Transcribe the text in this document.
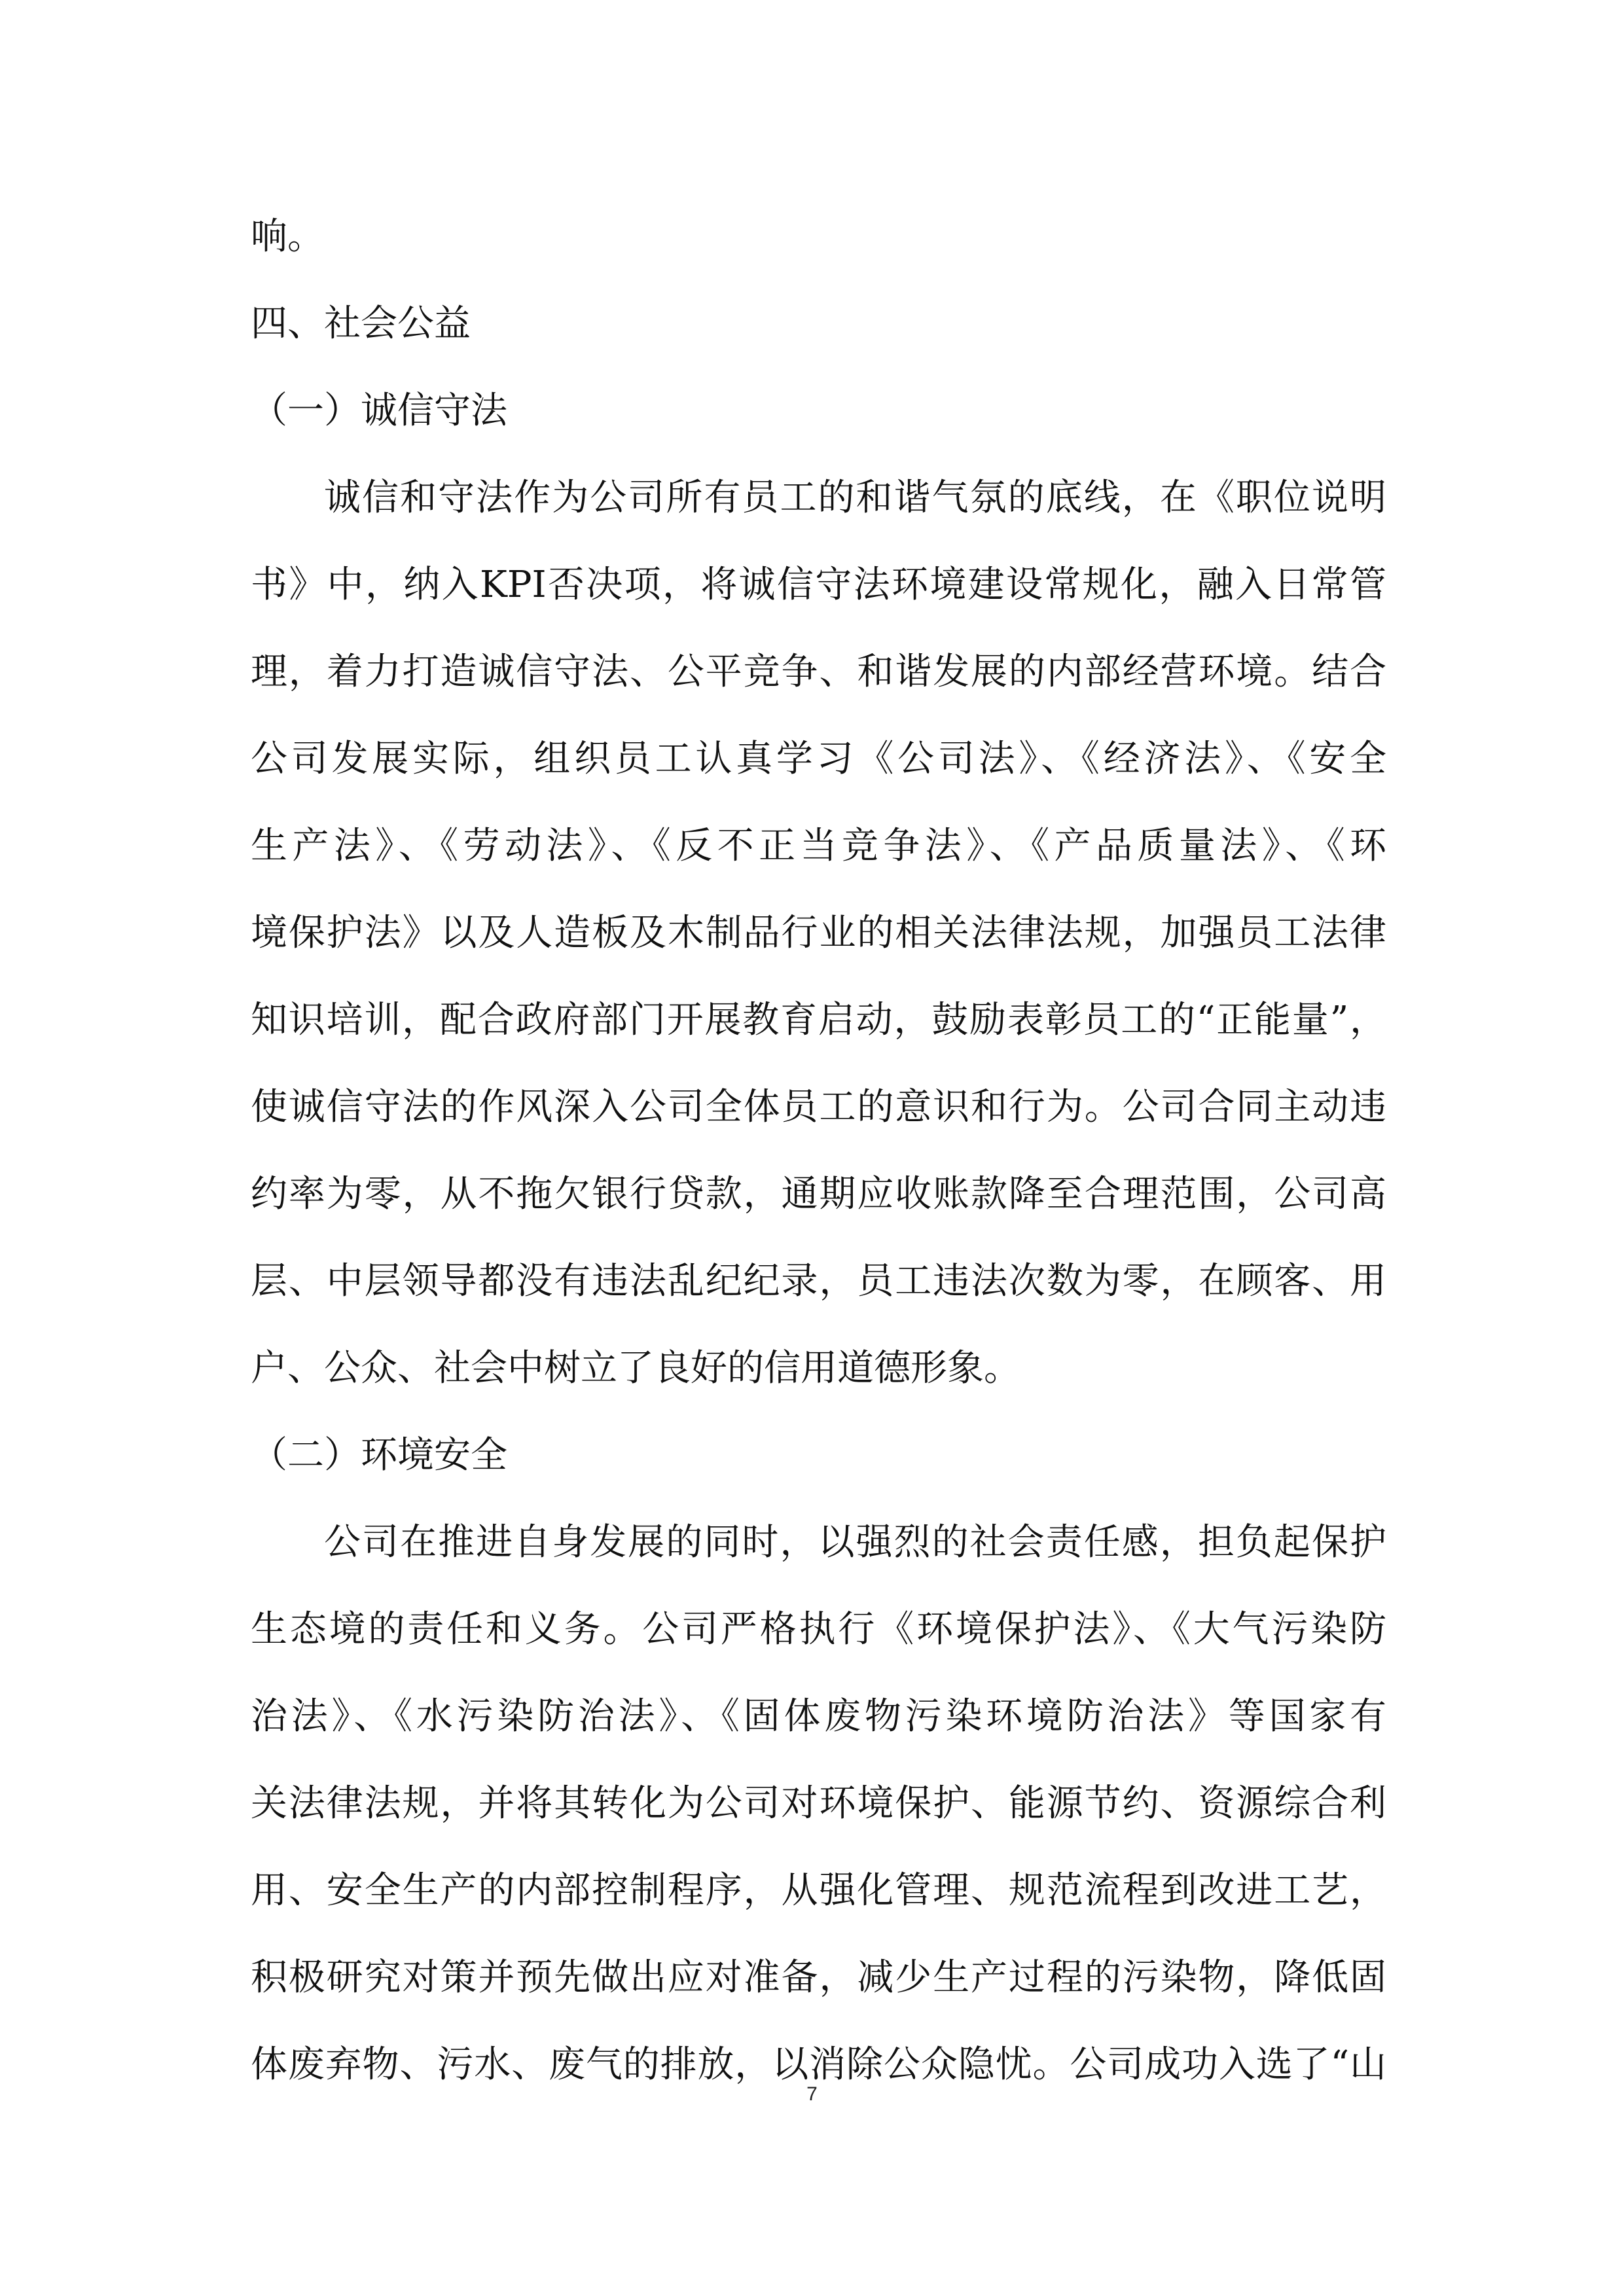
响。
四、社会公益
（一）诚信守法
诚信和守法作为公司所有员工的和谐气氛的底线，在《职位说明
书》中，纳入KPI否决项，将诚信守法环境建设常规化，融入日常管
理，着力打造诚信守法、公平竞争、和谐发展的内部经营环境。结合
公司发展实际，组织员工认真学习《公司法》、《经济法》、《安全
生产法》、《劳动法》、《反不正当竞争法》、《产品质量法》、《环
境保护法》以及人造板及木制品行业的相关法律法规，加强员工法律
知识培训，配合政府部门开展教育启动，鼓励表彰员工的“正能量”，
使诚信守法的作风深入公司全体员工的意识和行为。公司合同主动违
约率为零，从不拖欠银行贷款，通期应收账款降至合理范围，公司高
层、中层领导都没有违法乱纪纪录，员工违法次数为零，在顾客、用
户、公众、社会中树立了良好的信用道德形象。
（二）环境安全
公司在推进自身发展的同时，以强烈的社会责任感，担负起保护
生态境的责任和义务。公司严格执行《环境保护法》、《大气污染防
治法》、《水污染防治法》、《固体废物污染环境防治法》等国家有
关法律法规，并将其转化为公司对环境保护、能源节约、资源综合利
用、安全生产的内部控制程序，从强化管理、规范流程到改进工艺，
积极研究对策并预先做出应对准备，减少生产过程的污染物，降低固
体废弃物、污水、废气的排放，以消除公众隐忧。公司成功入选了“山
7
